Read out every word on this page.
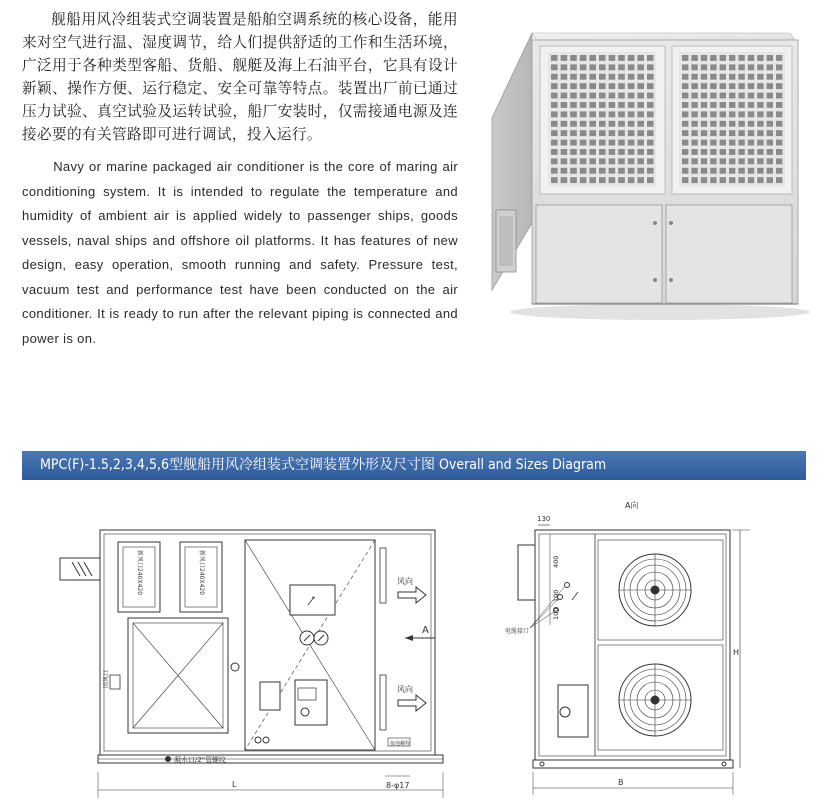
舰船用风冷组装式空调装置是船舶空调系统的核心设备，能用来对空气进行温、湿度调节，给人们提供舒适的工作和生活环境，广泛用于各种类型客船、货船、舰艇及海上石油平台，它具有设计新颖、操作方便、运行稳定、安全可靠等特点。装置出厂前已通过压力试验、真空试验及运转试验，船厂安装时，仅需接通电源及连接必要的有关管路即可进行调试，投入运行。

Navy or marine packaged air conditioner is the core of maring air conditioning system. It is intended to regulate the temperature and humidity of ambient air is applied widely to passenger ships, goods vessels, naval ships and offshore oil platforms. It has features of new design, easy operation, smooth running and safety. Pressure test, vacuum test and performance test have been conducted on the air conditioner. It is ready to run after the relevant piping is connected and power is on.

MPC(F)-1.5,2,3,4,5,6型舰船用风冷组装式空调装置外形及尺寸图 Overall and Sizes Diagram
新风口240X420	新风口240X420
回风口
风向
风向
A
凝水口/2"管螺纹
接地螺栓
8-φ17
L
A向
电缆接口
130
400
100
100
H
B
